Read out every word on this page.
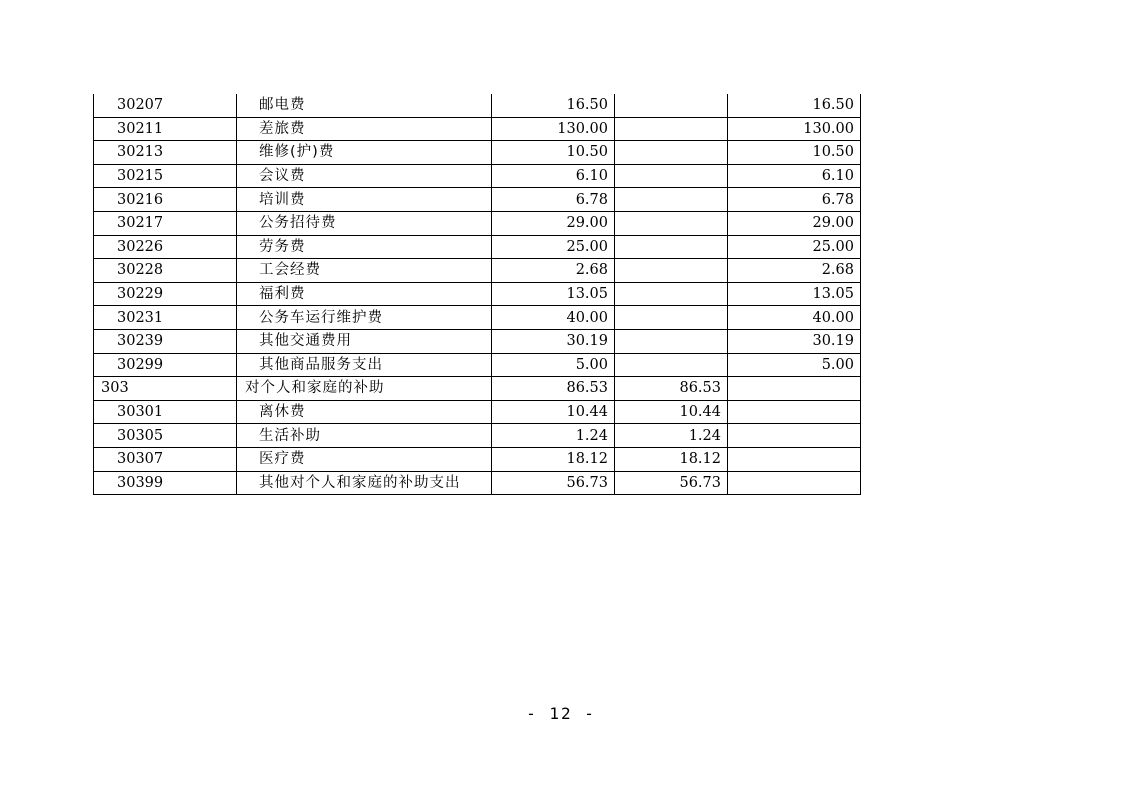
30207	邮电费	16.50		16.50
30211	差旅费	130.00		130.00
30213	维修(护)费	10.50		10.50
30215	会议费	6.10		6.10
30216	培训费	6.78		6.78
30217	公务招待费	29.00		29.00
30226	劳务费	25.00		25.00
30228	工会经费	2.68		2.68
30229	福利费	13.05		13.05
30231	公务车运行维护费	40.00		40.00
30239	其他交通费用	30.19		30.19
30299	其他商品服务支出	5.00		5.00
303	对个人和家庭的补助	86.53	86.53	
30301	离休费	10.44	10.44	
30305	生活补助	1.24	1.24	
30307	医疗费	18.12	18.12	
30399	其他对个人和家庭的补助支出	56.73	56.73	
- 12 -
